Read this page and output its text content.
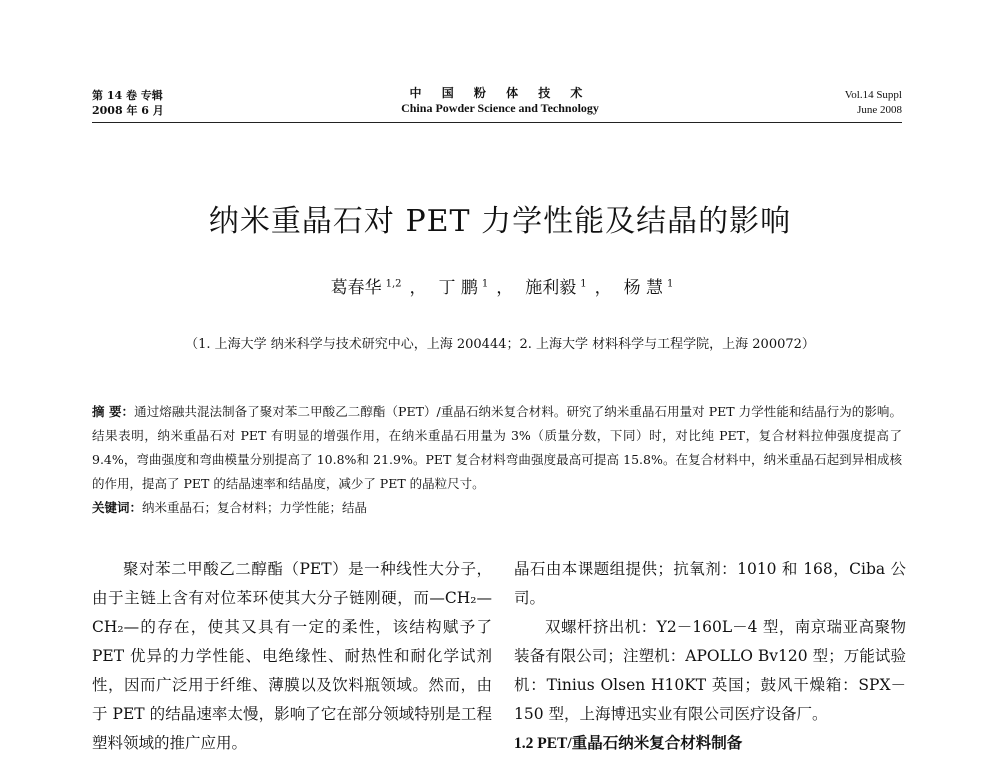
第 14 卷 专辑
2008 年 6 月
中 国 粉 体 技 术
China Powder Science and Technology
Vol.14 Suppl
June 2008
纳米重晶石对 PET 力学性能及结晶的影响
葛春华 $^{1,2}$ ， 丁 鹏 $^1$ ， 施利毅 $^1$ ， 杨 慧 $^1$
（1. 上海大学 纳米科学与技术研究中心，上海 200444；2. 上海大学 材料科学与工程学院，上海 200072）
摘 要：通过熔融共混法制备了聚对苯二甲酸乙二醇酯（PET）/重晶石纳米复合材料。研究了纳米重晶石用量对 PET 力学性能和结晶行为的影响。结果表明，纳米重晶石对 PET 有明显的增强作用，在纳米重晶石用量为 3%（质量分数，下同）时，对比纯 PET，复合材料拉伸强度提高了 9.4%，弯曲强度和弯曲模量分别提高了 10.8%和 21.9%。PET 复合材料弯曲强度最高可提高 15.8%。在复合材料中，纳米重晶石起到异相成核的作用，提高了 PET 的结晶速率和结晶度，减少了 PET 的晶粒尺寸。
关键词：纳米重晶石；复合材料；力学性能；结晶

聚对苯二甲酸乙二醇酯（PET）是一种线性大分子，由于主链上含有对位苯环使其大分子链刚硬，而—CH₂—CH₂—的存在，使其又具有一定的柔性，该结构赋予了 PET 优异的力学性能、电绝缘性、耐热性和耐化学试剂性，因而广泛用于纤维、薄膜以及饮料瓶领域。然而，由于 PET 的结晶速率太慢，影响了它在部分领域特别是工程塑料领域的推广应用。

晶石由本课题组提供；抗氧剂：1010 和 168，Ciba 公司。

双螺杆挤出机：Y2－160L－4 型，南京瑞亚高聚物装备有限公司；注塑机：APOLLO Bv120 型；万能试验机：Tinius Olsen H10KT 英国；鼓风干燥箱：SPX－150 型，上海博迅实业有限公司医疗设备厂。

1.2 PET/重晶石纳米复合材料制备
